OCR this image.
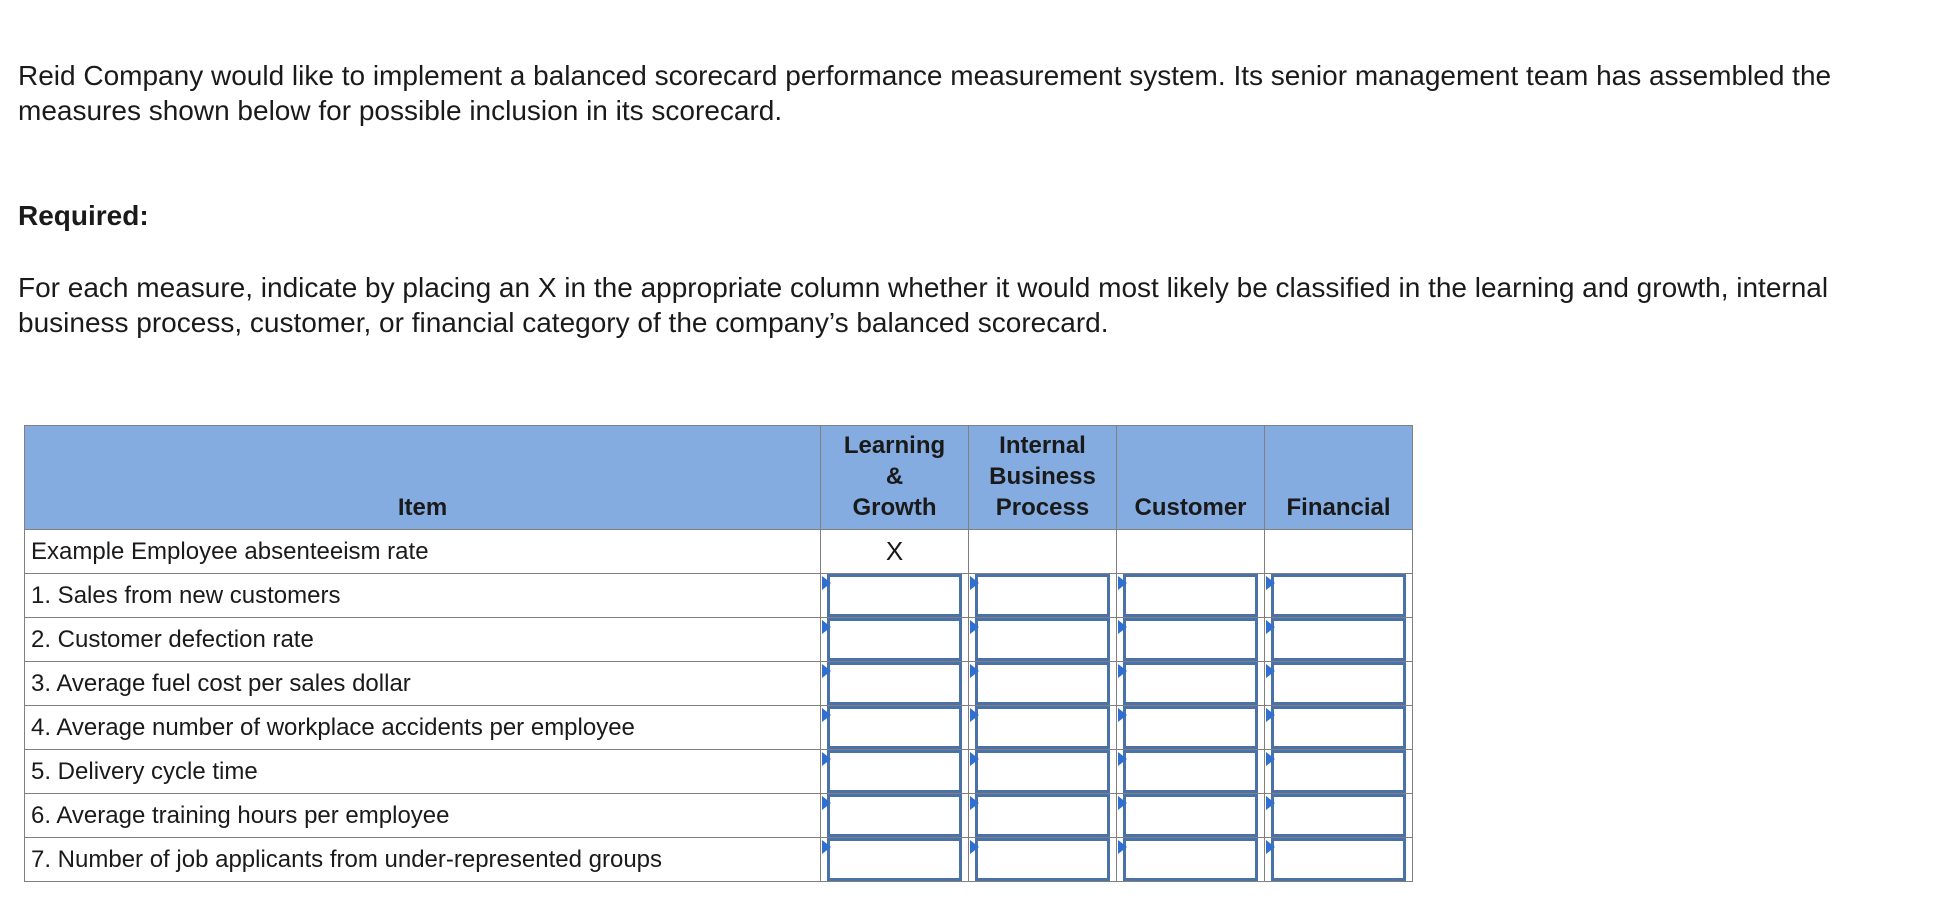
Reid Company would like to implement a balanced scorecard performance measurement system. Its senior management team has assembled the measures shown below for possible inclusion in its scorecard.

Required:

For each measure, indicate by placing an X in the appropriate column whether it would most likely be classified in the learning and growth, internal business process, customer, or financial category of the company’s balanced scorecard.

Item	Learning
&
Growth	Internal
Business
Process	Customer	Financial
Example Employee absenteeism rate	X			
1. Sales from new customers	

2. Customer defection rate	

3. Average fuel cost per sales dollar	

4. Average number of workplace accidents per employee	

5. Delivery cycle time	

6. Average training hours per employee	

7. Number of job applicants from under-represented groups	
